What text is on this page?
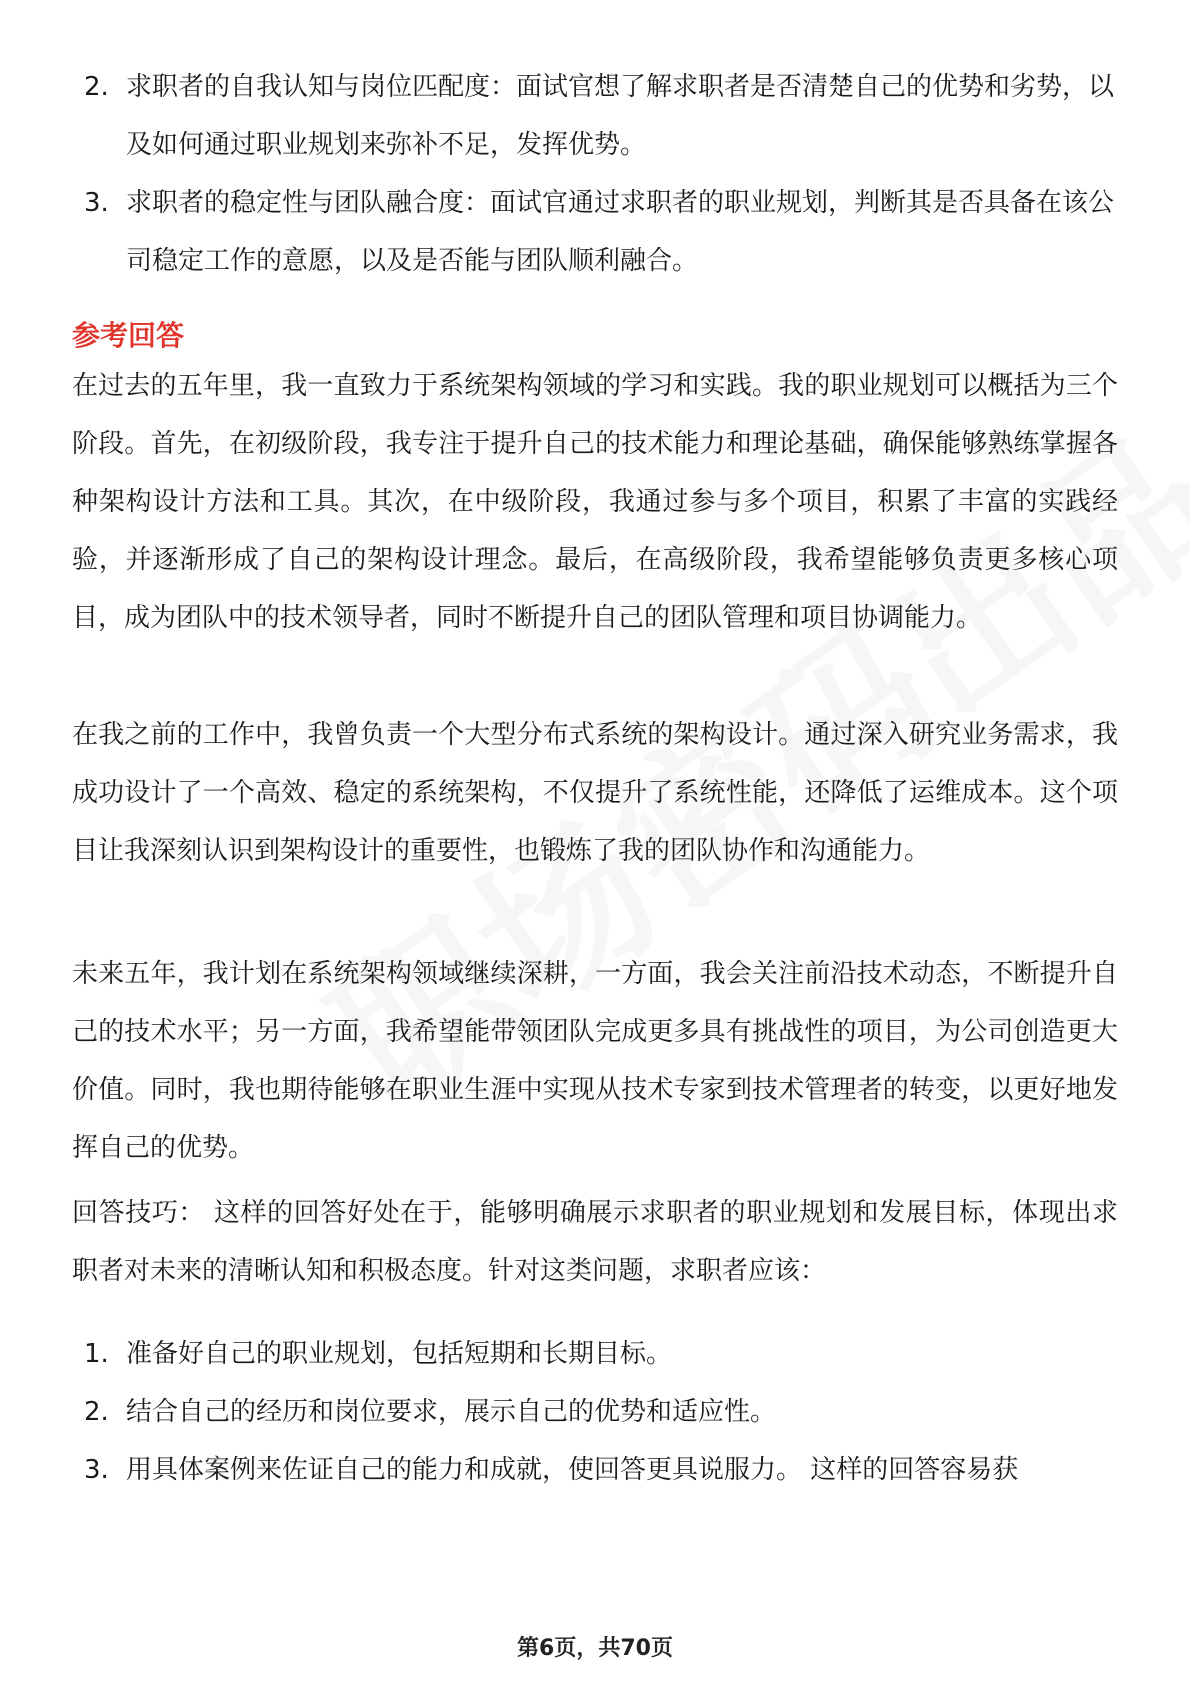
2. 求职者的自我认知与岗位匹配度：面试官想了解求职者是否清楚自己的优势和劣势，以及如何通过职业规划来弥补不足，发挥优势。
3. 求职者的稳定性与团队融合度：面试官通过求职者的职业规划，判断其是否具备在该公司稳定工作的意愿，以及是否能与团队顺利融合。
参考回答
在过去的五年里，我一直致力于系统架构领域的学习和实践。我的职业规划可以概括为三个阶段。首先，在初级阶段，我专注于提升自己的技术能力和理论基础，确保能够熟练掌握各种架构设计方法和工具。其次，在中级阶段，我通过参与多个项目，积累了丰富的实践经验，并逐渐形成了自己的架构设计理念。最后，在高级阶段，我希望能够负责更多核心项目，成为团队中的技术领导者，同时不断提升自己的团队管理和项目协调能力。
在我之前的工作中，我曾负责一个大型分布式系统的架构设计。通过深入研究业务需求，我成功设计了一个高效、稳定的系统架构，不仅提升了系统性能，还降低了运维成本。这个项目让我深刻认识到架构设计的重要性，也锻炼了我的团队协作和沟通能力。
未来五年，我计划在系统架构领域继续深耕，一方面，我会关注前沿技术动态，不断提升自己的技术水平；另一方面，我希望能带领团队完成更多具有挑战性的项目，为公司创造更大价值。同时，我也期待能够在职业生涯中实现从技术专家到技术管理者的转变，以更好地发挥自己的优势。
回答技巧： 这样的回答好处在于，能够明确展示求职者的职业规划和发展目标，体现出求职者对未来的清晰认知和积极态度。针对这类问题，求职者应该：
1. 准备好自己的职业规划，包括短期和长期目标。
2. 结合自己的经历和岗位要求，展示自己的优势和适应性。
3. 用具体案例来佐证自己的能力和成就，使回答更具说服力。 这样的回答容易获
第6页，共70页
